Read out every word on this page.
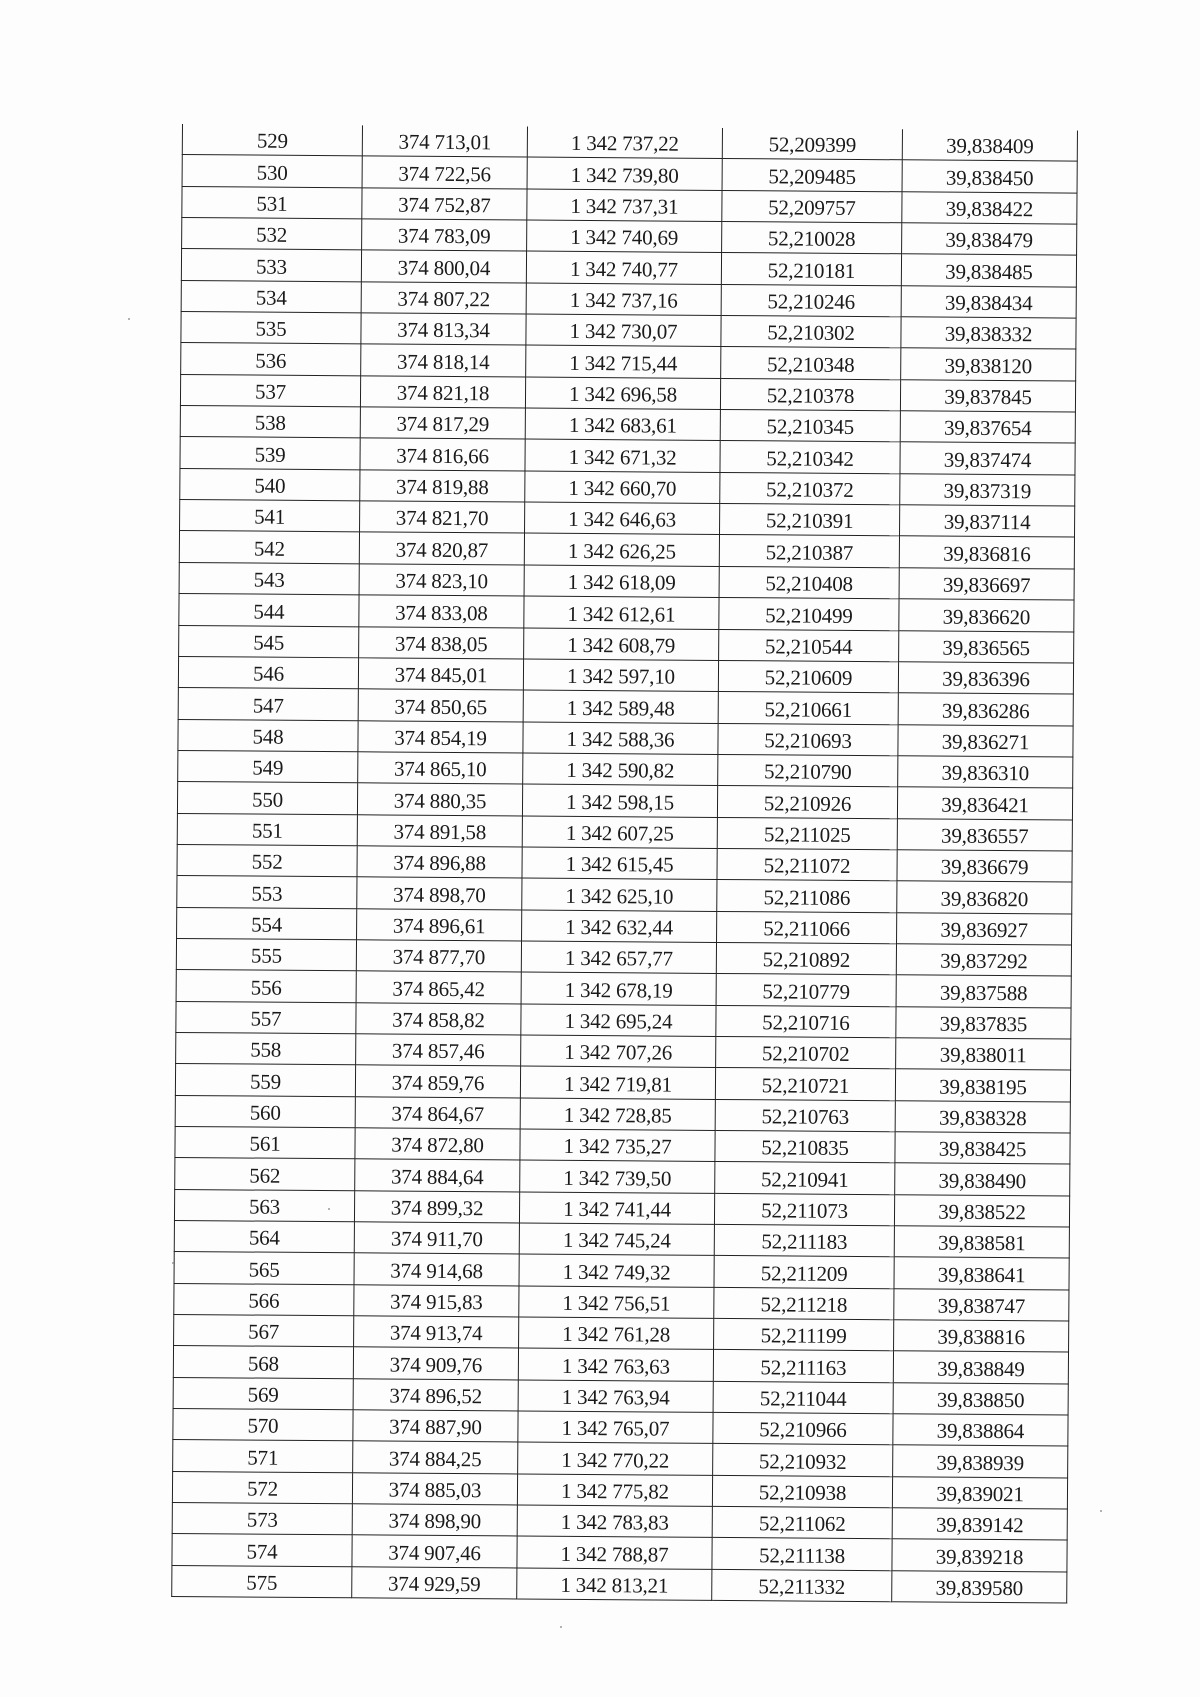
529	374 713,01	1 342 737,22	52,209399	39,838409
530	374 722,56	1 342 739,80	52,209485	39,838450
531	374 752,87	1 342 737,31	52,209757	39,838422
532	374 783,09	1 342 740,69	52,210028	39,838479
533	374 800,04	1 342 740,77	52,210181	39,838485
534	374 807,22	1 342 737,16	52,210246	39,838434
535	374 813,34	1 342 730,07	52,210302	39,838332
536	374 818,14	1 342 715,44	52,210348	39,838120
537	374 821,18	1 342 696,58	52,210378	39,837845
538	374 817,29	1 342 683,61	52,210345	39,837654
539	374 816,66	1 342 671,32	52,210342	39,837474
540	374 819,88	1 342 660,70	52,210372	39,837319
541	374 821,70	1 342 646,63	52,210391	39,837114
542	374 820,87	1 342 626,25	52,210387	39,836816
543	374 823,10	1 342 618,09	52,210408	39,836697
544	374 833,08	1 342 612,61	52,210499	39,836620
545	374 838,05	1 342 608,79	52,210544	39,836565
546	374 845,01	1 342 597,10	52,210609	39,836396
547	374 850,65	1 342 589,48	52,210661	39,836286
548	374 854,19	1 342 588,36	52,210693	39,836271
549	374 865,10	1 342 590,82	52,210790	39,836310
550	374 880,35	1 342 598,15	52,210926	39,836421
551	374 891,58	1 342 607,25	52,211025	39,836557
552	374 896,88	1 342 615,45	52,211072	39,836679
553	374 898,70	1 342 625,10	52,211086	39,836820
554	374 896,61	1 342 632,44	52,211066	39,836927
555	374 877,70	1 342 657,77	52,210892	39,837292
556	374 865,42	1 342 678,19	52,210779	39,837588
557	374 858,82	1 342 695,24	52,210716	39,837835
558	374 857,46	1 342 707,26	52,210702	39,838011
559	374 859,76	1 342 719,81	52,210721	39,838195
560	374 864,67	1 342 728,85	52,210763	39,838328
561	374 872,80	1 342 735,27	52,210835	39,838425
562	374 884,64	1 342 739,50	52,210941	39,838490
563	374 899,32	1 342 741,44	52,211073	39,838522
564	374 911,70	1 342 745,24	52,211183	39,838581
565	374 914,68	1 342 749,32	52,211209	39,838641
566	374 915,83	1 342 756,51	52,211218	39,838747
567	374 913,74	1 342 761,28	52,211199	39,838816
568	374 909,76	1 342 763,63	52,211163	39,838849
569	374 896,52	1 342 763,94	52,211044	39,838850
570	374 887,90	1 342 765,07	52,210966	39,838864
571	374 884,25	1 342 770,22	52,210932	39,838939
572	374 885,03	1 342 775,82	52,210938	39,839021
573	374 898,90	1 342 783,83	52,211062	39,839142
574	374 907,46	1 342 788,87	52,211138	39,839218
575	374 929,59	1 342 813,21	52,211332	39,839580
